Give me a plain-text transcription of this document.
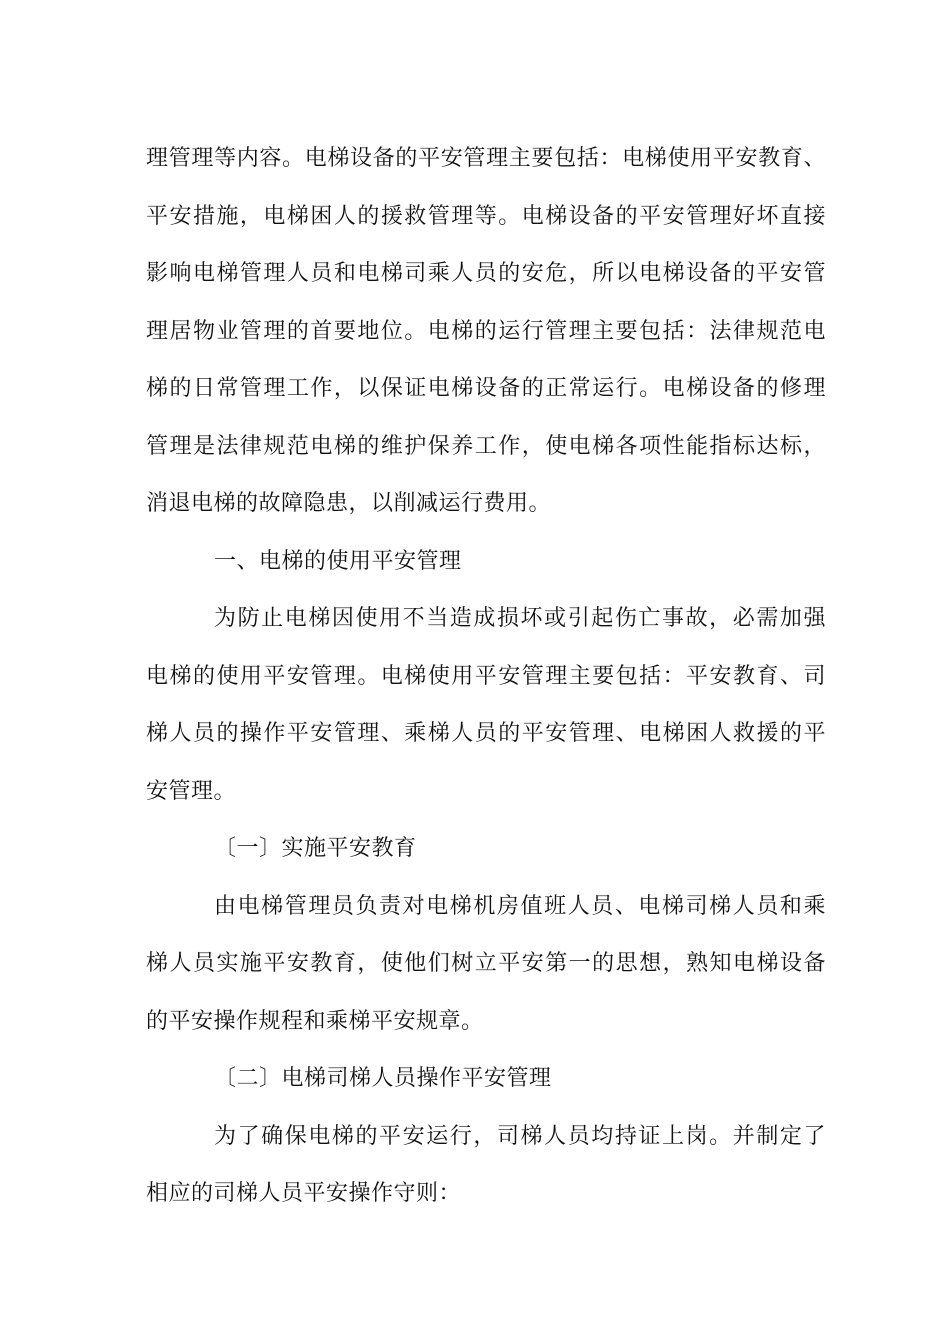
理管理等内容。电梯设备的平安管理主要包括：电梯使用平安教育、
平安措施，电梯困人的援救管理等。电梯设备的平安管理好坏直接
影响电梯管理人员和电梯司乘人员的安危，所以电梯设备的平安管
理居物业管理的首要地位。电梯的运行管理主要包括：法律规范电
梯的日常管理工作，以保证电梯设备的正常运行。电梯设备的修理
管理是法律规范电梯的维护保养工作，使电梯各项性能指标达标，
消退电梯的故障隐患，以削减运行费用。
一、电梯的使用平安管理
为防止电梯因使用不当造成损坏或引起伤亡事故，必需加强
电梯的使用平安管理。电梯使用平安管理主要包括：平安教育、司
梯人员的操作平安管理、乘梯人员的平安管理、电梯困人救援的平
安管理。
〔一〕实施平安教育
由电梯管理员负责对电梯机房值班人员、电梯司梯人员和乘
梯人员实施平安教育，使他们树立平安第一的思想，熟知电梯设备
的平安操作规程和乘梯平安规章。
〔二〕电梯司梯人员操作平安管理
为了确保电梯的平安运行，司梯人员均持证上岗。并制定了
相应的司梯人员平安操作守则：
